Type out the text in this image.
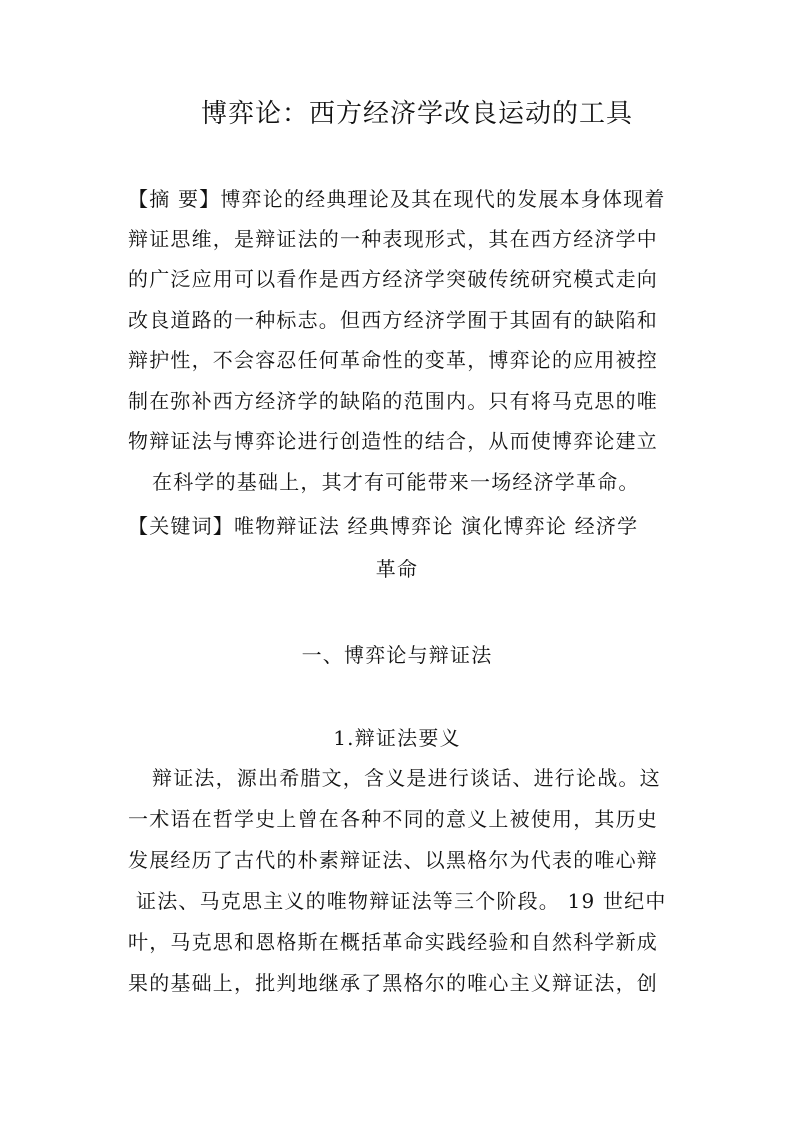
博弈论：西方经济学改良运动的工具
【摘 要】博弈论的经典理论及其在现代的发展本身体现着
辩证思维，是辩证法的一种表现形式，其在西方经济学中
的广泛应用可以看作是西方经济学突破传统研究模式走向
改良道路的一种标志。但西方经济学囿于其固有的缺陷和
辩护性，不会容忍任何革命性的变革，博弈论的应用被控
制在弥补西方经济学的缺陷的范围内。只有将马克思的唯
物辩证法与博弈论进行创造性的结合，从而使博弈论建立
在科学的基础上，其才有可能带来一场经济学革命。
【关键词】唯物辩证法 经典博弈论 演化博弈论 经济学
革命
一、博弈论与辩证法
1.辩证法要义
辩证法，源出希腊文，含义是进行谈话、进行论战。这
一术语在哲学史上曾在各种不同的意义上被使用，其历史
发展经历了古代的朴素辩证法、以黑格尔为代表的唯心辩
证法、马克思主义的唯物辩证法等三个阶段。 19 世纪中
叶，马克思和恩格斯在概括革命实践经验和自然科学新成
果的基础上，批判地继承了黑格尔的唯心主义辩证法，创
